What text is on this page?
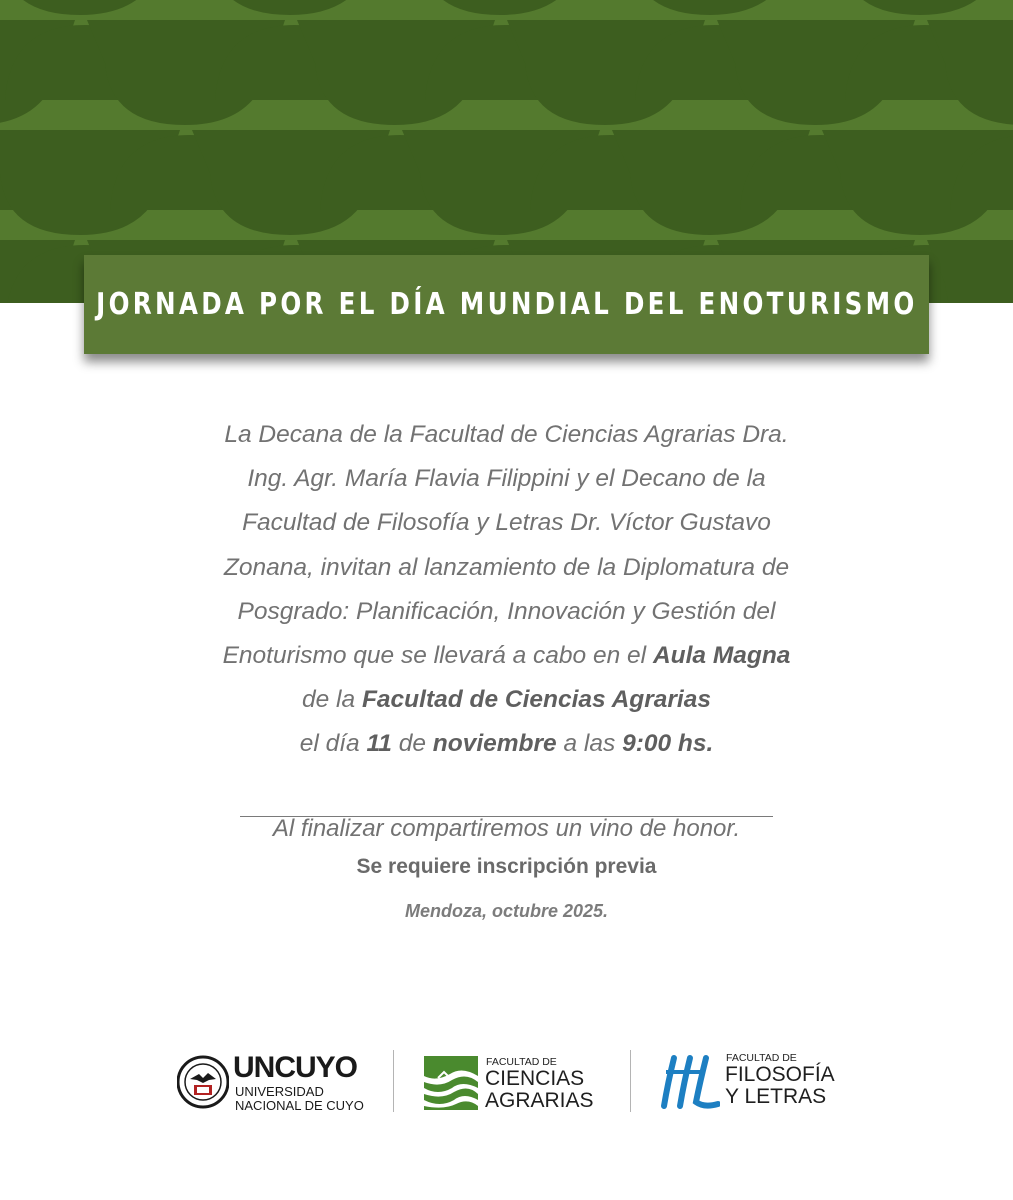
JORNADA POR EL DÍA MUNDIAL DEL ENOTURISMO
La Decana de la Facultad de Ciencias Agrarias Dra.
Ing. Agr. María Flavia Filippini y el Decano de la
Facultad de Filosofía y Letras Dr. Víctor Gustavo
Zonana, invitan al lanzamiento de la Diplomatura de
Posgrado: Planificación, Innovación y Gestión del
Enoturismo que se llevará a cabo en el Aula Magna
de la Facultad de Ciencias Agrarias
el día 11 de noviembre a las 9:00 hs.
Al finalizar compartiremos un vino de honor.
Se requiere inscripción previa
Mendoza, octubre 2025.
UNCUYO
UNIVERSIDAD
NACIONAL DE CUYO
FACULTAD DE
CIENCIAS
AGRARIAS
FACULTAD DE
FILOSOFÍA
Y LETRAS
